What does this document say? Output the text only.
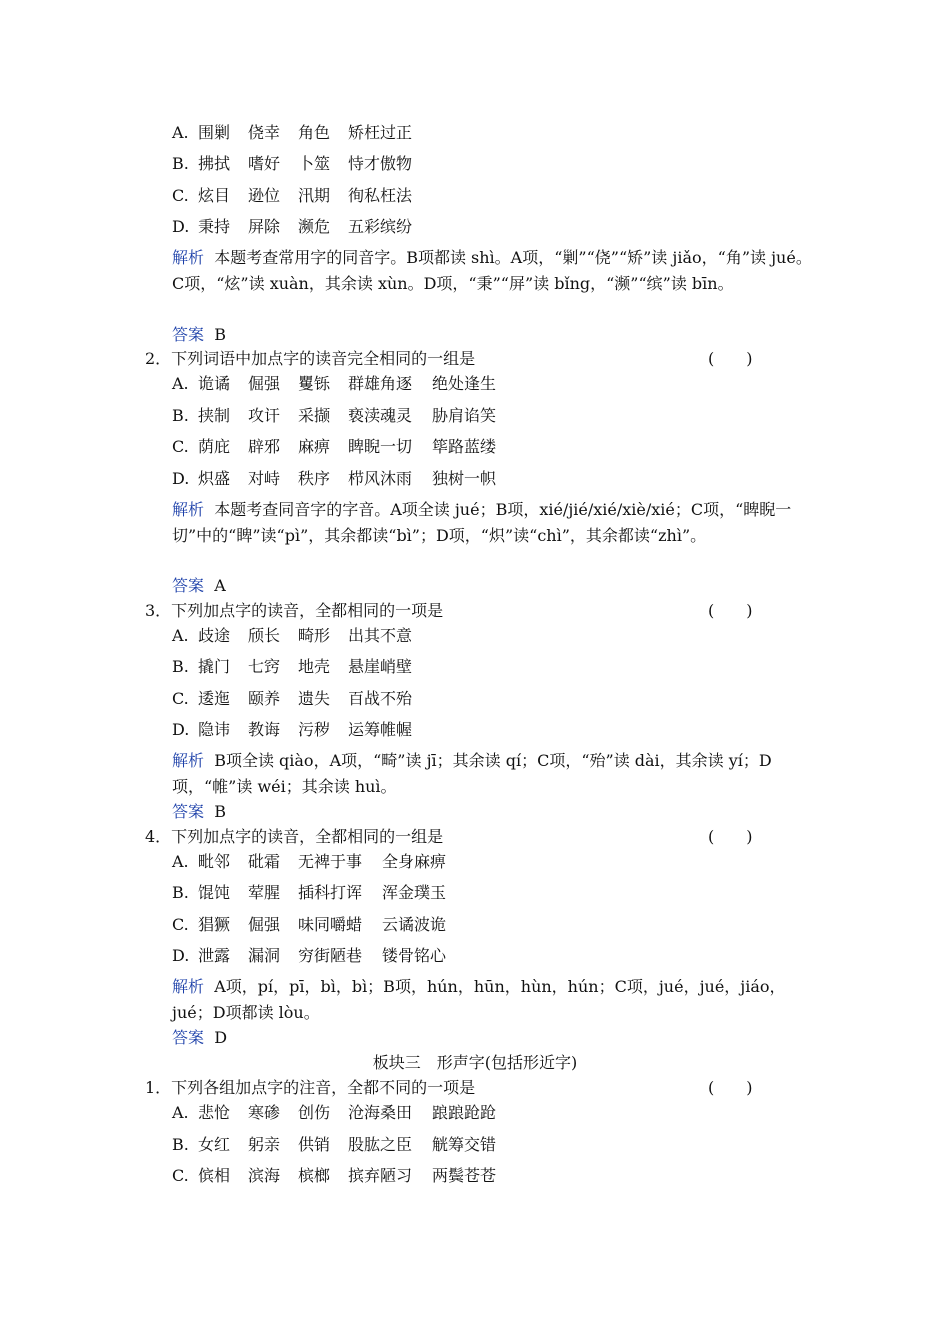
A. 围剿 侥幸 角色 矫枉过正
B. 拂拭 嗜好 卜筮 恃才傲物
C. 炫目 逊位 汛期 徇私枉法
D. 秉持 屏除 濒危 五彩缤纷
解析 本题考查常用字的同音字。B项都读 shì。A项，“剿”“侥”“矫”读 jiǎo，“角”读 jué。C项，“炫”读 xuàn，其余读 xùn。D项，“秉”“屏”读 bǐng，“濒”“缤”读 bīn。
答案 B
2．下列词语中加点字的读音完全相同的一组是	(　　)
A. 诡谲 倔强 矍铄 群雄角逐 绝处逢生
B. 挟制 攻讦 采撷 亵渎魂灵 胁肩谄笑
C. 荫庇 辟邪 麻痹 睥睨一切 筚路蓝缕
D. 炽盛 对峙 秩序 栉风沐雨 独树一帜
解析 本题考查同音字的字音。A项全读 jué；B项，xié/jié/xié/xiè/xié；C项，“睥睨一切”中的“睥”读“pì”，其余都读“bì”；D项，“炽”读“chì”，其余都读“zhì”。
答案 A
3．下列加点字的读音，全都相同的一项是	(　　)
A. 歧途 颀长 畸形 出其不意
B. 撬门 七窍 地壳 悬崖峭壁
C. 逶迤 颐养 遗失 百战不殆
D. 隐讳 教诲 污秽 运筹帷幄
解析 B项全读 qiào，A项，“畸”读 jī；其余读 qí；C项，“殆”读 dài，其余读 yí；D项，“帷”读 wéi；其余读 huì。
答案 B
4．下列加点字的读音，全都相同的一组是	(　　)
A. 毗邻 砒霜 无裨于事 全身麻痹
B. 馄饨 荤腥 插科打诨 浑金璞玉
C. 猖獗 倔强 味同嚼蜡 云谲波诡
D. 泄露 漏洞 穷街陋巷 镂骨铭心
解析 A项，pí，pī，bì，bì；B项，hún，hūn，hùn，hún；C项，jué，jué，jiáo，jué；D项都读 lòu。
答案 D
板块三　形声字(包括形近字)
1．下列各组加点字的注音，全都不同的一项是	(　　)
A. 悲怆 寒碜 创伤 沧海桑田 踉踉跄跄
B. 女红 躬亲 供销 股肱之臣 觥筹交错
C. 傧相 滨海 槟榔 摈弃陋习 两鬓苍苍
